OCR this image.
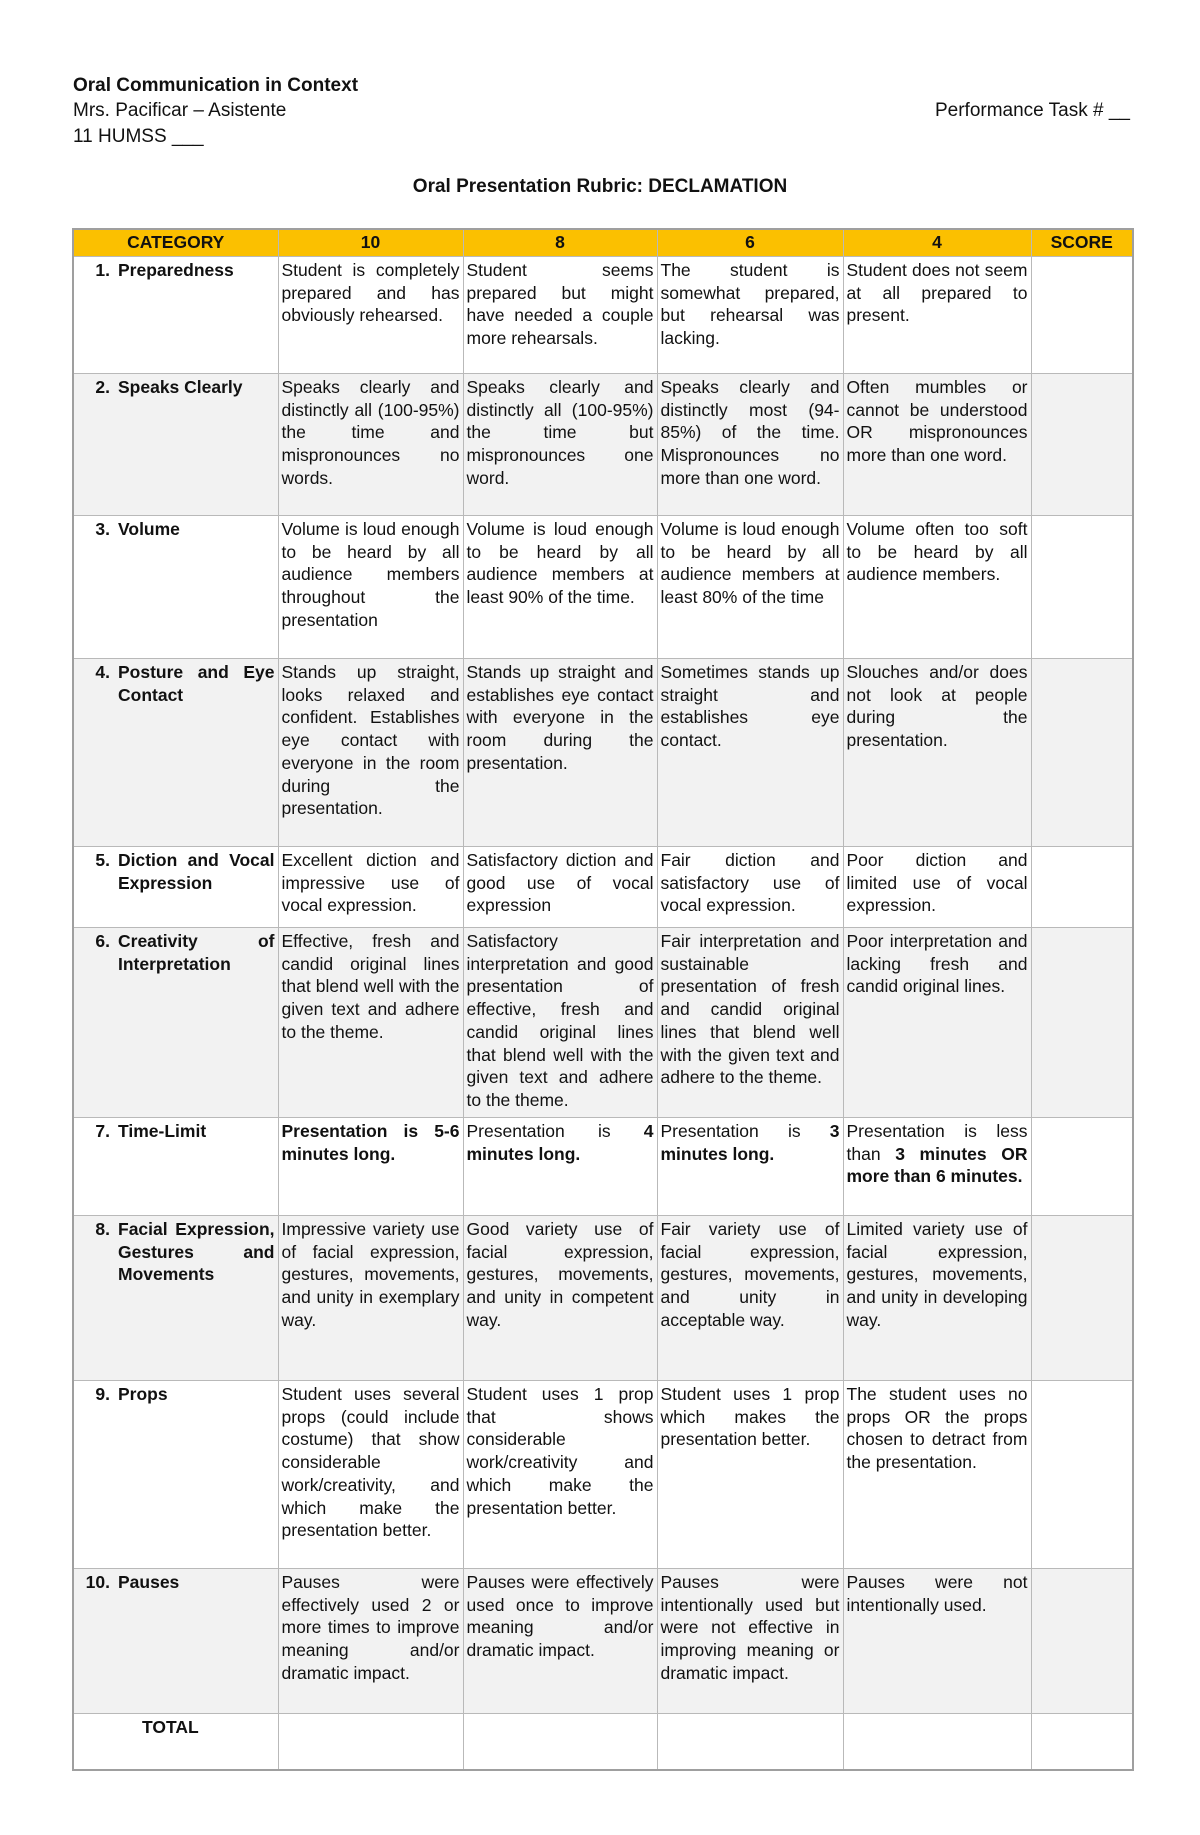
Oral Communication in Context
Mrs. Pacificar – Asistente
11 HUMSS ___
Performance Task # __
Oral Presentation Rubric: DECLAMATION
CATEGORY	10	8	6	4	SCORE

1. Preparedness	Student is completely prepared and has obviously rehearsed.	Student seems prepared but might have needed a couple more rehearsals.	The student is somewhat prepared, but rehearsal was lacking.	Student does not seem at all prepared to present.	

2. Speaks Clearly	Speaks clearly and distinctly all (100-95%) the time and mispronounces no words.	Speaks clearly and distinctly all (100-95%) the time but mispronounces one word.	Speaks clearly and distinctly most (94-85%) of the time. Mispronounces no more than one word.	Often mumbles or cannot be understood OR mispronounces more than one word.	

3. Volume	Volume is loud enough to be heard by all audience members throughout the presentation	Volume is loud enough to be heard by all audience members at least 90% of the time.	Volume is loud enough to be heard by all audience members at least 80% of the time	Volume often too soft to be heard by all audience members.	

4. Posture and Eye Contact	Stands up straight, looks relaxed and confident. Establishes eye contact with everyone in the room during the presentation.	Stands up straight and establishes eye contact with everyone in the room during the presentation.	Sometimes stands up straight and establishes eye contact.	Slouches and/or does not look at people during the presentation.	

5. Diction and Vocal Expression	Excellent diction and impressive use of vocal expression.	Satisfactory diction and good use of vocal expression	Fair diction and satisfactory use of vocal expression.	Poor diction and limited use of vocal expression.	

6. Creativity of Interpretation	Effective, fresh and candid original lines that blend well with the given text and adhere to the theme.	Satisfactory interpretation and good presentation of effective, fresh and candid original lines that blend well with the given text and adhere to the theme.	Fair interpretation and sustainable presentation of fresh and candid original lines that blend well with the given text and adhere to the theme.	Poor interpretation and lacking fresh and candid original lines.	

7. Time-Limit	Presentation is 5-6 minutes long.	Presentation is 4 minutes long.	Presentation is 3 minutes long.	Presentation is less than 3 minutes OR more than 6 minutes.	

8. Facial Expression, Gestures and Movements	Impressive variety use of facial expression, gestures, movements, and unity in exemplary way.	Good variety use of facial expression, gestures, movements, and unity in competent way.	Fair variety use of facial expression, gestures, movements, and unity in acceptable way.	Limited variety use of facial expression, gestures, movements, and unity in developing way.	

9. Props	Student uses several props (could include costume) that show considerable work/creativity, and which make the presentation better.	Student uses 1 prop that shows considerable work/creativity and which make the presentation better.	Student uses 1 prop which makes the presentation better.	The student uses no props OR the props chosen to detract from the presentation.	

10. Pauses	Pauses were effectively used 2 or more times to improve meaning and/or dramatic impact.	Pauses were effectively used once to improve meaning and/or dramatic impact.	Pauses were intentionally used but were not effective in improving meaning or dramatic impact.	Pauses were not intentionally used.	
TOTAL					
